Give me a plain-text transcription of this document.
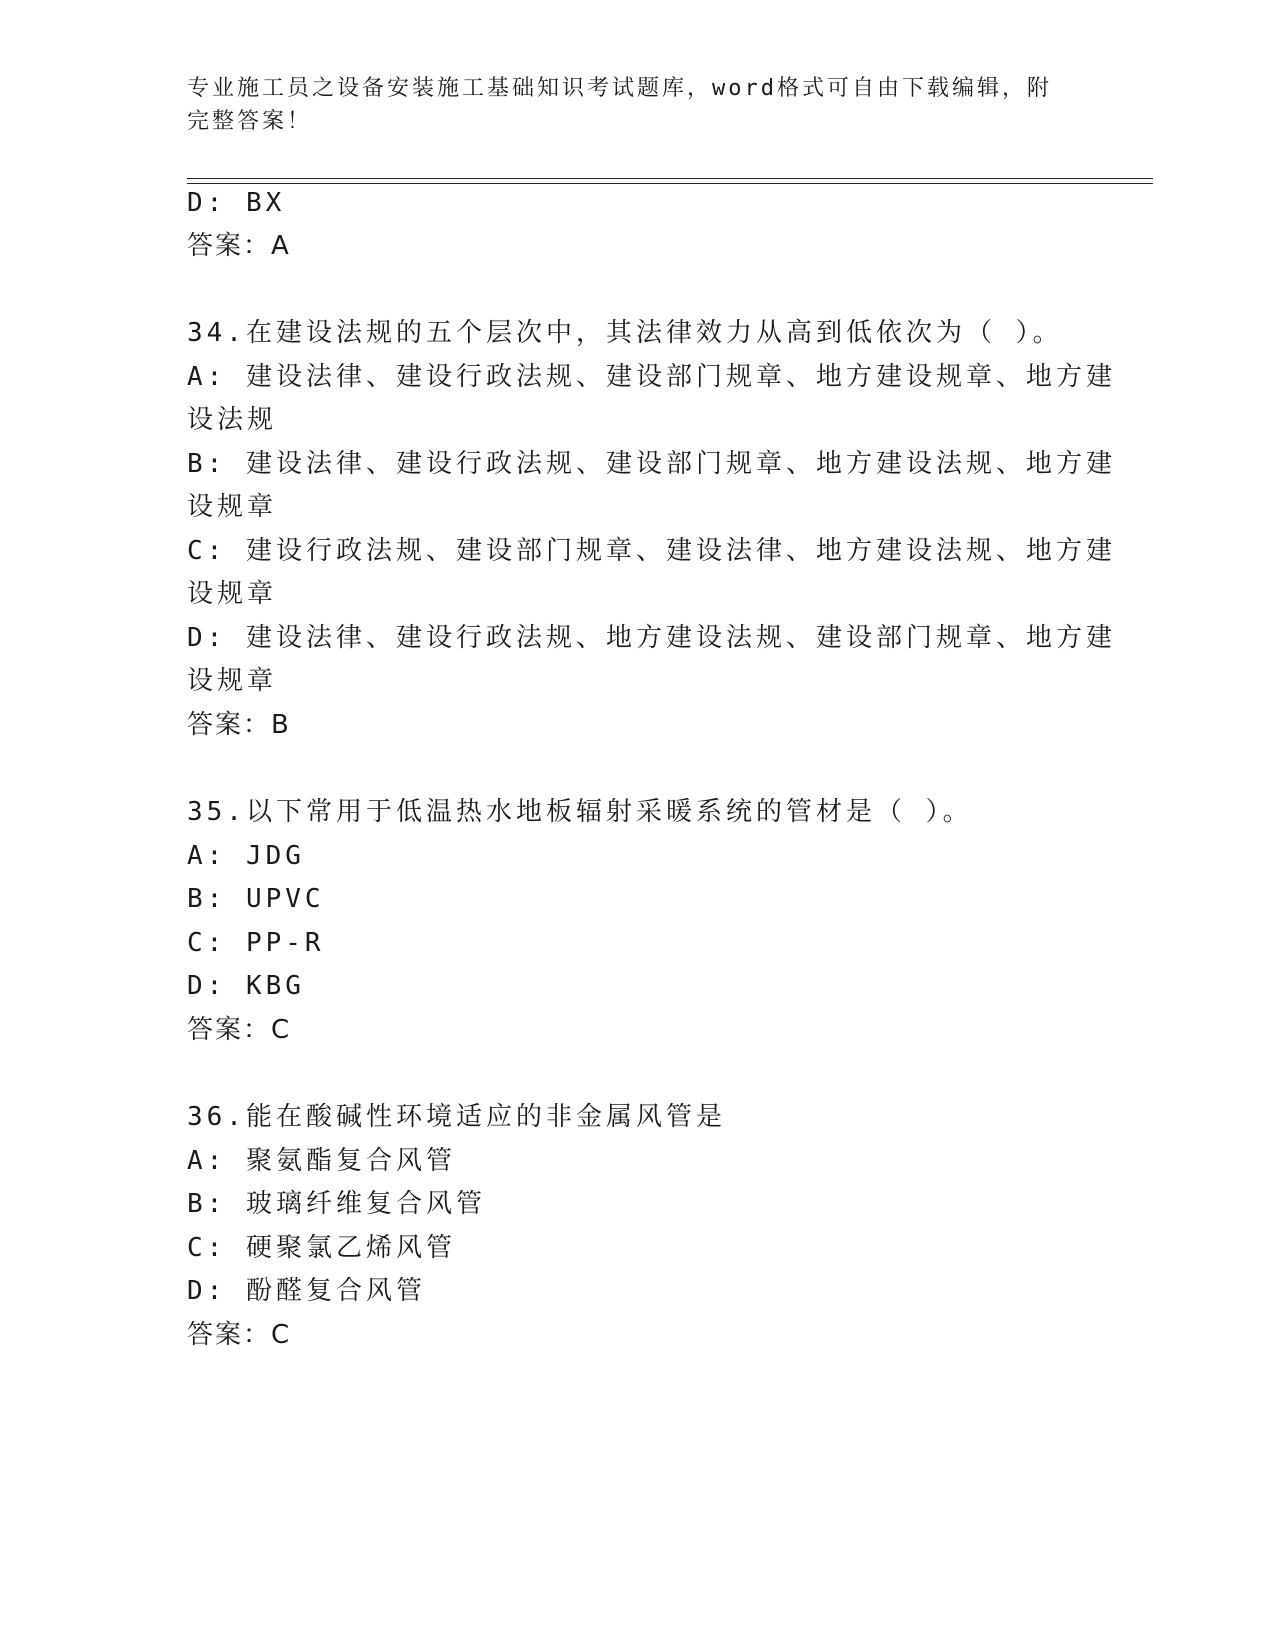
专业施工员之设备安装施工基础知识考试题库，word格式可自由下载编辑，附完整答案！
D: BX
答案：A
34.在建设法规的五个层次中，其法律效力从高到低依次为（ ）。
A: 建设法律、建设行政法规、建设部门规章、地方建设规章、地方建
设法规
B: 建设法律、建设行政法规、建设部门规章、地方建设法规、地方建
设规章
C: 建设行政法规、建设部门规章、建设法律、地方建设法规、地方建
设规章
D: 建设法律、建设行政法规、地方建设法规、建设部门规章、地方建
设规章
答案：B
35.以下常用于低温热水地板辐射采暖系统的管材是（ ）。
A: JDG
B: UPVC
C: PP-R
D: KBG
答案：C
36.能在酸碱性环境适应的非金属风管是
A: 聚氨酯复合风管
B: 玻璃纤维复合风管
C: 硬聚氯乙烯风管
D: 酚醛复合风管
答案：C
